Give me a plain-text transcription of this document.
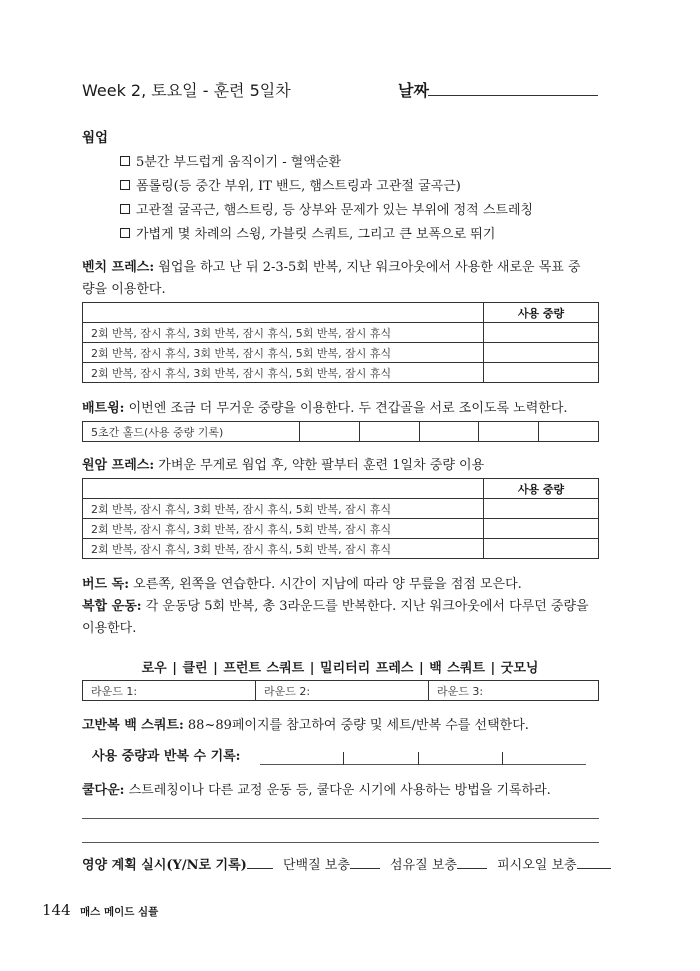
Week 2, 토요일 - 훈련 5일차	날짜
웜업
5분간 부드럽게 움직이기 - 혈액순환
폼롤링(등 중간 부위, IT 밴드, 햄스트링과 고관절 굴곡근)
고관절 굴곡근, 햄스트링, 등 상부와 문제가 있는 부위에 정적 스트레칭
가볍게 몇 차례의 스윙, 가블릿 스쿼트, 그리고 큰 보폭으로 뛰기
벤치 프레스: 웜업을 하고 난 뒤 2-3-5회 반복, 지난 워크아웃에서 사용한 새로운 목표 중
량을 이용한다.
	사용 중량
2회 반복, 잠시 휴식, 3회 반복, 잠시 휴식, 5회 반복, 잠시 휴식	
2회 반복, 잠시 휴식, 3회 반복, 잠시 휴식, 5회 반복, 잠시 휴식	
2회 반복, 잠시 휴식, 3회 반복, 잠시 휴식, 5회 반복, 잠시 휴식	
배트윙: 이번엔 조금 더 무거운 중량을 이용한다. 두 견갑골을 서로 조이도록 노력한다.
5초간 홀드(사용 중량 기록)					
원암 프레스: 가벼운 무게로 웜업 후, 약한 팔부터 훈련 1일차 중량 이용
	사용 중량
2회 반복, 잠시 휴식, 3회 반복, 잠시 휴식, 5회 반복, 잠시 휴식	
2회 반복, 잠시 휴식, 3회 반복, 잠시 휴식, 5회 반복, 잠시 휴식	
2회 반복, 잠시 휴식, 3회 반복, 잠시 휴식, 5회 반복, 잠시 휴식	
버드 독: 오른쪽, 왼쪽을 연습한다. 시간이 지남에 따라 양 무릎을 점점 모은다.
복합 운동: 각 운동당 5회 반복, 총 3라운드를 반복한다. 지난 워크아웃에서 다루던 중량을
이용한다.
로우 | 클린 | 프런트 스쿼트 | 밀리터리 프레스 | 백 스쿼트 | 굿모닝
라운드 1:	라운드 2:	라운드 3:
고반복 백 스쿼트: 88~89페이지를 참고하여 중량 및 세트/반복 수를 선택한다.
사용 중량과 반복 수 기록:
쿨다운: 스트레칭이나 다른 교정 운동 등, 쿨다운 시기에 사용하는 방법을 기록하라.
영양 계획 실시(Y/N로 기록)	단백질 보충	섬유질 보충	피시오일 보충
144 매스 메이드 심플
